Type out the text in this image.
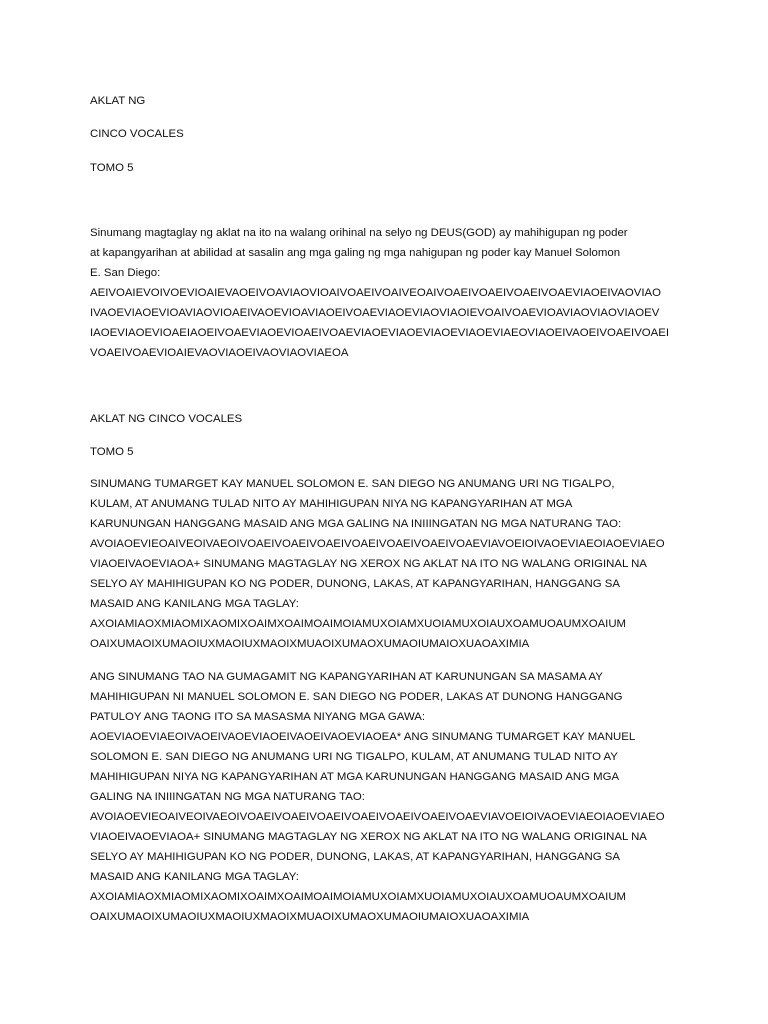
AKLAT NG

CINCO VOCALES

TOMO 5

Sinumang magtaglay ng aklat na ito na walang orihinal na selyo ng DEUS(GOD) ay mahihigupan ng poder
at kapangyarihan at abilidad at sasalin ang mga galing ng mga nahigupan ng poder kay Manuel Solomon
E. San Diego:
AEIVOAIEVOIVOEVIOAIEVAOEIVOAVIAOVIOAIVOAEIVOAIVEOAIVOAEIVOAEIVOAEIVOAEVIAOEIVAOVIAO
IVAOEVIAOEVIOAVIAOVIOAEIVAOEVIOAVIAOEIVOAEVIAOEVIAOVIAOIEVOAIVOAEVIOAVIAOVIAOVIAOEV
IAOEVIAOEVIOAEIAOEIVOAEVIAOEVIOAEIVOAEVIAOEVIAOEVIAOEVIAOEVIAEOVIAOEIVAOEIVOAEIVOAEI
VOAEIVOAEVIOAIEVAOVIAOEIVAOVIAOVIAEOA

AKLAT NG CINCO VOCALES

TOMO 5

SINUMANG TUMARGET KAY MANUEL SOLOMON E. SAN DIEGO NG ANUMANG URI NG TIGALPO,
KULAM, AT ANUMANG TULAD NITO AY MAHIHIGUPAN NIYA NG KAPANGYARIHAN AT MGA
KARUNUNGAN HANGGANG MASAID ANG MGA GALING NA INIIINGATAN NG MGA NATURANG TAO:
AVOIAOEVIEOAIVEOIVAEOIVOAEIVOAEIVOAEIVOAEIVOAEIVOAEIVOAEVIAVOEIOIVAOEVIAEOIAOEVIAEO
VIAOEIVAOEVIAOA+ SINUMANG MAGTAGLAY NG XEROX NG AKLAT NA ITO NG WALANG ORIGINAL NA
SELYO AY MAHIHIGUPAN KO NG PODER, DUNONG, LAKAS, AT KAPANGYARIHAN, HANGGANG SA
MASAID ANG KANILANG MGA TAGLAY:
AXOIAMIAOXMIAOMIXAOMIXOAIMXOAIMOAIMOIAMUXOIAMXUOIAMUXOIAUXOAMUOAUMXOAIUM
OAIXUMAOIXUMAOIUXMAOIUXMAOIXMUAOIXUMAOXUMAOIUMAIOXUAOAXIMIA
ANG SINUMANG TAO NA GUMAGAMIT NG KAPANGYARIHAN AT KARUNUNGAN SA MASAMA AY
MAHIHIGUPAN NI MANUEL SOLOMON E. SAN DIEGO NG PODER, LAKAS AT DUNONG HANGGANG
PATULOY ANG TAONG ITO SA MASASMA NIYANG MGA GAWA:
AOEVIAOEVIAEOIVAOEIVAOEVIAOEIVAOEIVAOEVIAOEA* ANG SINUMANG TUMARGET KAY MANUEL
SOLOMON E. SAN DIEGO NG ANUMANG URI NG TIGALPO, KULAM, AT ANUMANG TULAD NITO AY
MAHIHIGUPAN NIYA NG KAPANGYARIHAN AT MGA KARUNUNGAN HANGGANG MASAID ANG MGA
GALING NA INIIINGATAN NG MGA NATURANG TAO:
AVOIAOEVIEOAIVEOIVAEOIVOAEIVOAEIVOAEIVOAEIVOAEIVOAEIVOAEVIAVOEIOIVAOEVIAEOIAOEVIAEO
VIAOEIVAOEVIAOA+ SINUMANG MAGTAGLAY NG XEROX NG AKLAT NA ITO NG WALANG ORIGINAL NA
SELYO AY MAHIHIGUPAN KO NG PODER, DUNONG, LAKAS, AT KAPANGYARIHAN, HANGGANG SA
MASAID ANG KANILANG MGA TAGLAY:
AXOIAMIAOXMIAOMIXAOMIXOAIMXOAIMOAIMOIAMUXOIAMXUOIAMUXOIAUXOAMUOAUMXOAIUM
OAIXUMAOIXUMAOIUXMAOIUXMAOIXMUAOIXUMAOXUMAOIUMAIOXUAOAXIMIA
